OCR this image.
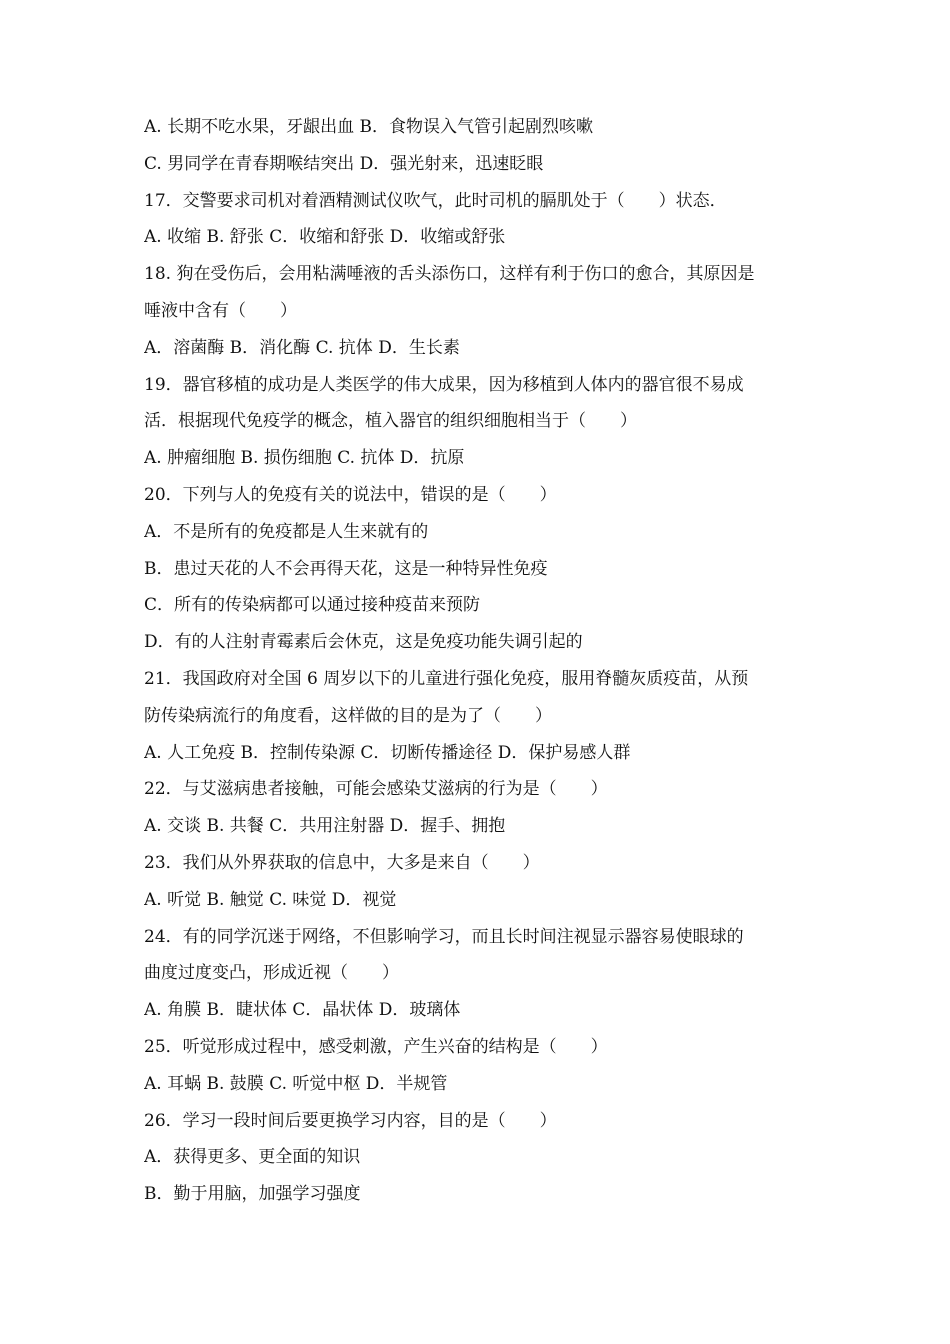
A. 长期不吃水果，牙龈出血 B．食物误入气管引起剧烈咳嗽
C. 男同学在青春期喉结突出 D．强光射来，迅速眨眼
17．交警要求司机对着酒精测试仪吹气，此时司机的膈肌处于（　　）状态．
A. 收缩 B. 舒张 C．收缩和舒张 D．收缩或舒张
18. 狗在受伤后，会用粘满唾液的舌头添伤口，这样有利于伤口的愈合，其原因是
唾液中含有（　　）
A．溶菌酶 B．消化酶 C. 抗体 D．生长素
19．器官移植的成功是人类医学的伟大成果，因为移植到人体内的器官很不易成
活．根据现代免疫学的概念，植入器官的组织细胞相当于（　　）
A. 肿瘤细胞 B. 损伤细胞 C. 抗体 D．抗原
20．下列与人的免疫有关的说法中，错误的是（　　）
A．不是所有的免疫都是人生来就有的
B．患过天花的人不会再得天花，这是一种特异性免疫
C．所有的传染病都可以通过接种疫苗来预防
D．有的人注射青霉素后会休克，这是免疫功能失调引起的
21．我国政府对全国 6 周岁以下的儿童进行强化免疫，服用脊髓灰质疫苗，从预
防传染病流行的角度看，这样做的目的是为了（　　）
A. 人工免疫 B．控制传染源 C．切断传播途径 D．保护易感人群
22．与艾滋病患者接触，可能会感染艾滋病的行为是（　　）
A. 交谈 B. 共餐 C．共用注射器 D．握手、拥抱
23．我们从外界获取的信息中，大多是来自（　　）
A. 听觉 B. 触觉 C. 味觉 D．视觉
24．有的同学沉迷于网络，不但影响学习，而且长时间注视显示器容易使眼球的
曲度过度变凸，形成近视（　　）
A. 角膜 B．睫状体 C．晶状体 D．玻璃体
25．听觉形成过程中，感受刺激，产生兴奋的结构是（　　）
A. 耳蜗 B. 鼓膜 C. 听觉中枢 D．半规管
26．学习一段时间后要更换学习内容，目的是（　　）
A．获得更多、更全面的知识
B．勤于用脑，加强学习强度
